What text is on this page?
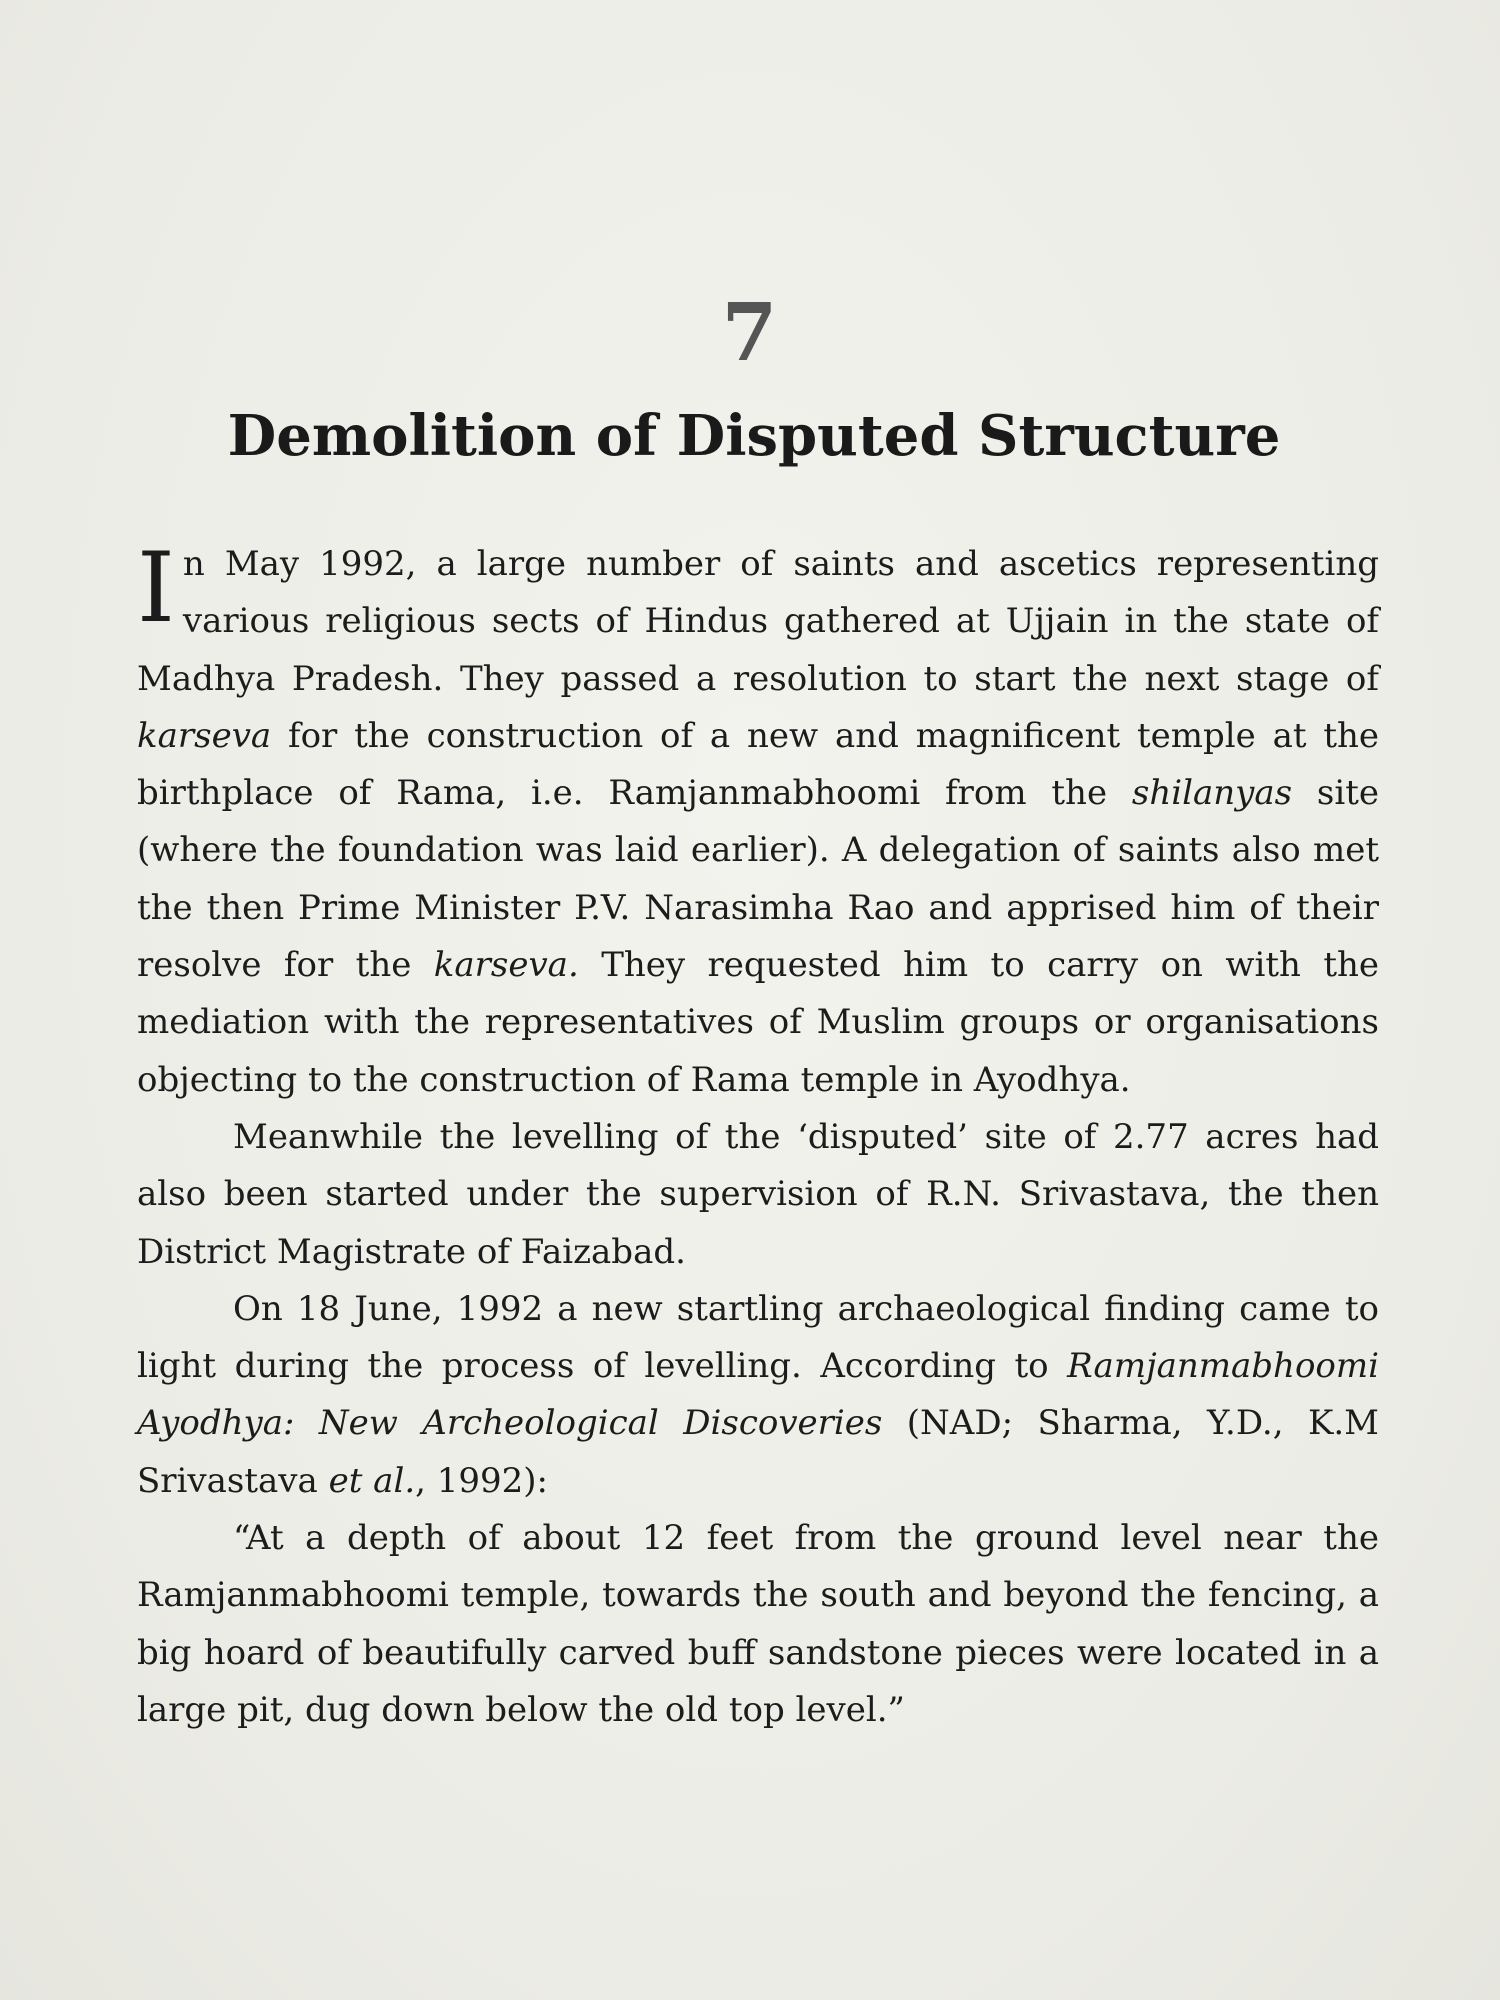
7
Demolition of Disputed Structure

In May 1992, a large number of saints and ascetics representing various religious sects of Hindus gathered at Ujjain in the state of Madhya Pradesh. They passed a resolution to start the next stage of karseva for the construction of a new and magnificent temple at the birthplace of Rama, i.e. Ramjanmabhoomi from the shilanyas site (where the foundation was laid earlier). A delegation of saints also met the then Prime Minister P.V. Narasimha Rao and apprised him of their resolve for the karseva. They requested him to carry on with the mediation with the representatives of Muslim groups or organisations objecting to the construction of Rama temple in Ayodhya.

Meanwhile the levelling of the ‘disputed’ site of 2.77 acres had also been started under the supervision of R.N. Srivastava, the then District Magistrate of Faizabad.

On 18 June, 1992 a new startling archaeological finding came to light during the process of levelling. According to Ramjanmabhoomi Ayodhya: New Archeological Discoveries (NAD; Sharma, Y.D., K.M Srivastava et al., 1992):

“At a depth of about 12 feet from the ground level near the Ramjanmabhoomi temple, towards the south and beyond the fencing, a big hoard of beautifully carved buff sandstone pieces were located in a large pit, dug down below the old top level.”
